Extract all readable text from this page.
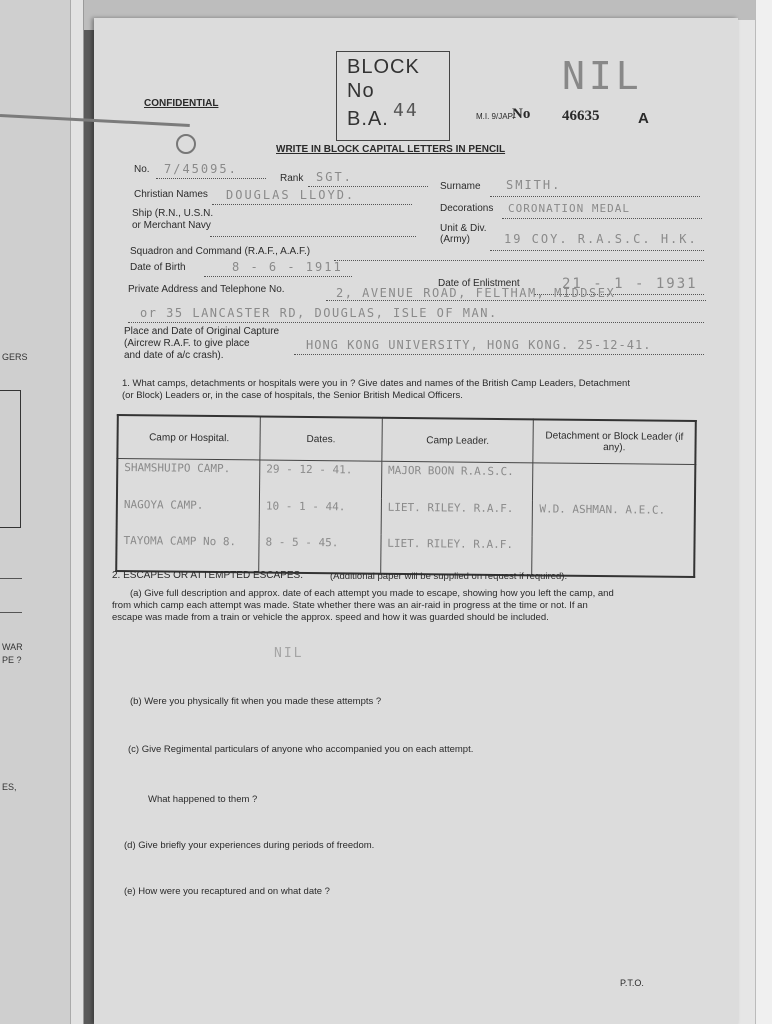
GERS
WAR
PE ?
ES,
CONFIDENTIAL
BLOCK
No
B.A. 44
NIL
M.I. 9/JAP/
No 46635	A
WRITE IN BLOCK CAPITAL LETTERS IN PENCIL
No. 7/45095.
Rank SGT.
Surname SMITH.
Christian Names DOUGLAS LLOYD.
Decorations CORONATION MEDAL
Ship (R.N., U.S.N.
or Merchant Navy	Unit & Div.
(Army)	19 COY. R.A.S.C. H.K.
Squadron and Command (R.A.F., A.A.F.)
Date of Birth	8 - 6 - 1911
Date of Enlistment	21 - 1 - 1931
Private Address and Telephone No.	2, AVENUE ROAD, FELTHAM, MIDDSEX
or 35 LANCASTER RD, DOUGLAS, ISLE OF MAN.
Place and Date of Original Capture
(Aircrew R.A.F. to give place
and date of a/c crash).
HONG KONG UNIVERSITY, HONG KONG. 25-12-41.
1. What camps, detachments or hospitals were you in ? Give dates and names of the British Camp Leaders, Detachment
(or Block) Leaders or, in the case of hospitals, the Senior British Medical Officers.
Camp or Hospital.	Dates.	Camp Leader.	Detachment or Block Leader (if any).
SHAMSHUIPO CAMP.	29 - 12 - 41.	MAJOR BOON R.A.S.C.	
NAGOYA CAMP.	10 - 1 - 44.	LIET. RILEY. R.A.F.	W.D. ASHMAN. A.E.C.
TAYOMA CAMP No 8.	8 - 5 - 45.	LIET. RILEY. R.A.F.	
2. ESCAPES OR ATTEMPTED ESCAPES.	(Additional paper will be supplied on request if required).
(a) Give full description and approx. date of each attempt you made to escape, showing how you left the camp, and
from which camp each attempt was made. State whether there was an air-raid in progress at the time or not. If an
escape was made from a train or vehicle the approx. speed and how it was guarded should be included.
NIL
(b) Were you physically fit when you made these attempts ?
(c) Give Regimental particulars of anyone who accompanied you on each attempt.
What happened to them ?
(d) Give briefly your experiences during periods of freedom.
(e) How were you recaptured and on what date ?
P.T.O.
